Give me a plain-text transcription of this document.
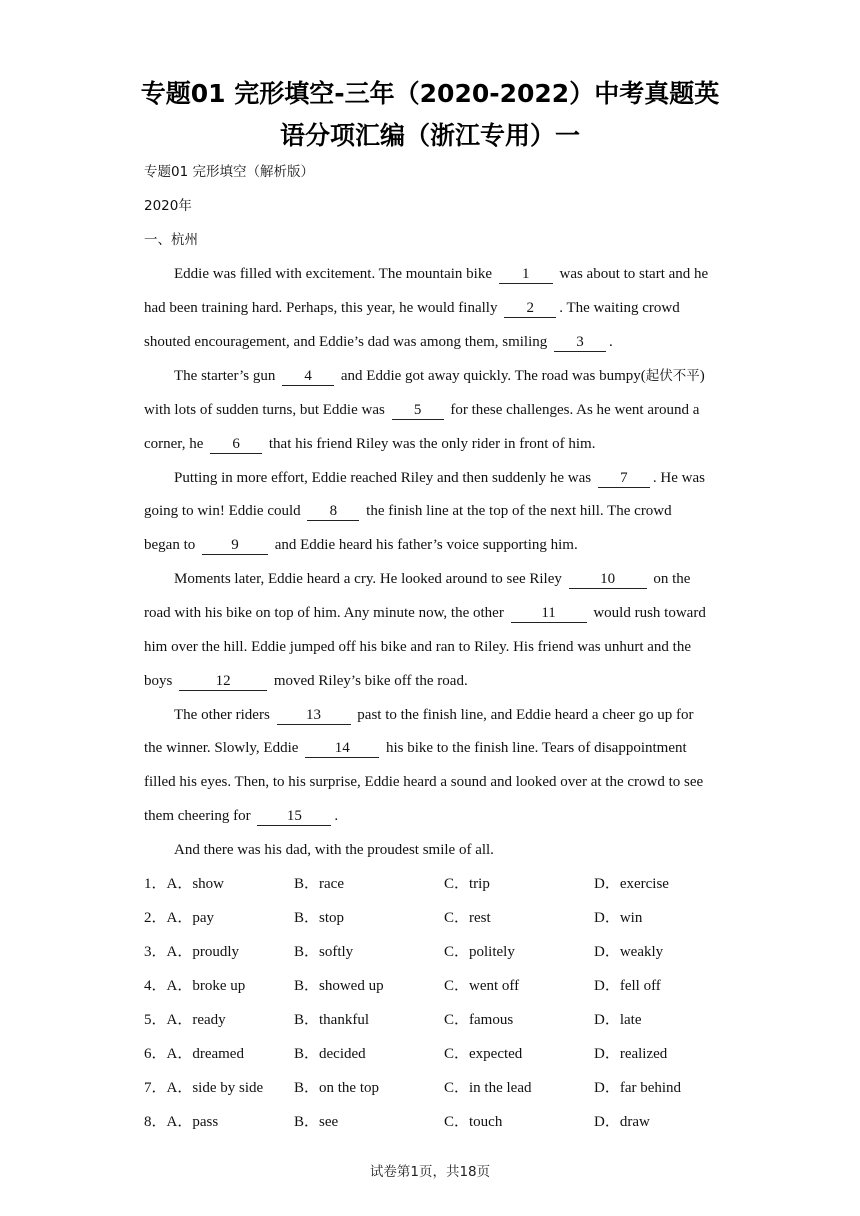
专题01 完形填空-三年（2020-2022）中考真题英
语分项汇编（浙江专用）一
专题01 完形填空（解析版）
2020年
一、杭州
Eddie was filled with excitement. The mountain bike 1 was about to start and he
had been training hard. Perhaps, this year, he would finally 2 . The waiting crowd
shouted encouragement, and Eddie’s dad was among them, smiling 3 .
The starter’s gun 4 and Eddie got away quickly. The road was bumpy(起伏不平)
with lots of sudden turns, but Eddie was 5 for these challenges. As he went around a
corner, he 6 that his friend Riley was the only rider in front of him.
Putting in more effort, Eddie reached Riley and then suddenly he was 7 . He was
going to win! Eddie could 8 the finish line at the top of the next hill. The crowd
began to 9 and Eddie heard his father’s voice supporting him.
Moments later, Eddie heard a cry. He looked around to see Riley 10 on the
road with his bike on top of him. Any minute now, the other 11 would rush toward
him over the hill. Eddie jumped off his bike and ran to Riley. His friend was unhurt and the
boys	12	moved Riley’s bike off the road.
The other riders 13 past to the finish line, and Eddie heard a cheer go up for
the winner. Slowly, Eddie 14 his bike to the finish line. Tears of disappointment
filled his eyes. Then, to his surprise, Eddie heard a sound and looked over at the crowd to see
them cheering for 15 .
And there was his dad, with the proudest smile of all.
1．A．show	B．race	C．trip	D．exercise
2．A．pay	B．stop	C．rest	D．win
3．A．proudly	B．softly	C．politely	D．weakly
4．A．broke up	B．showed up	C．went off	D．fell off
5．A．ready	B．thankful	C．famous	D．late
6．A．dreamed	B．decided	C．expected	D．realized
7．A．side by side B．on the top	C．in the lead	D．far behind
8．A．pass	B．see	C．touch	D．draw
试卷第1页，共18页
